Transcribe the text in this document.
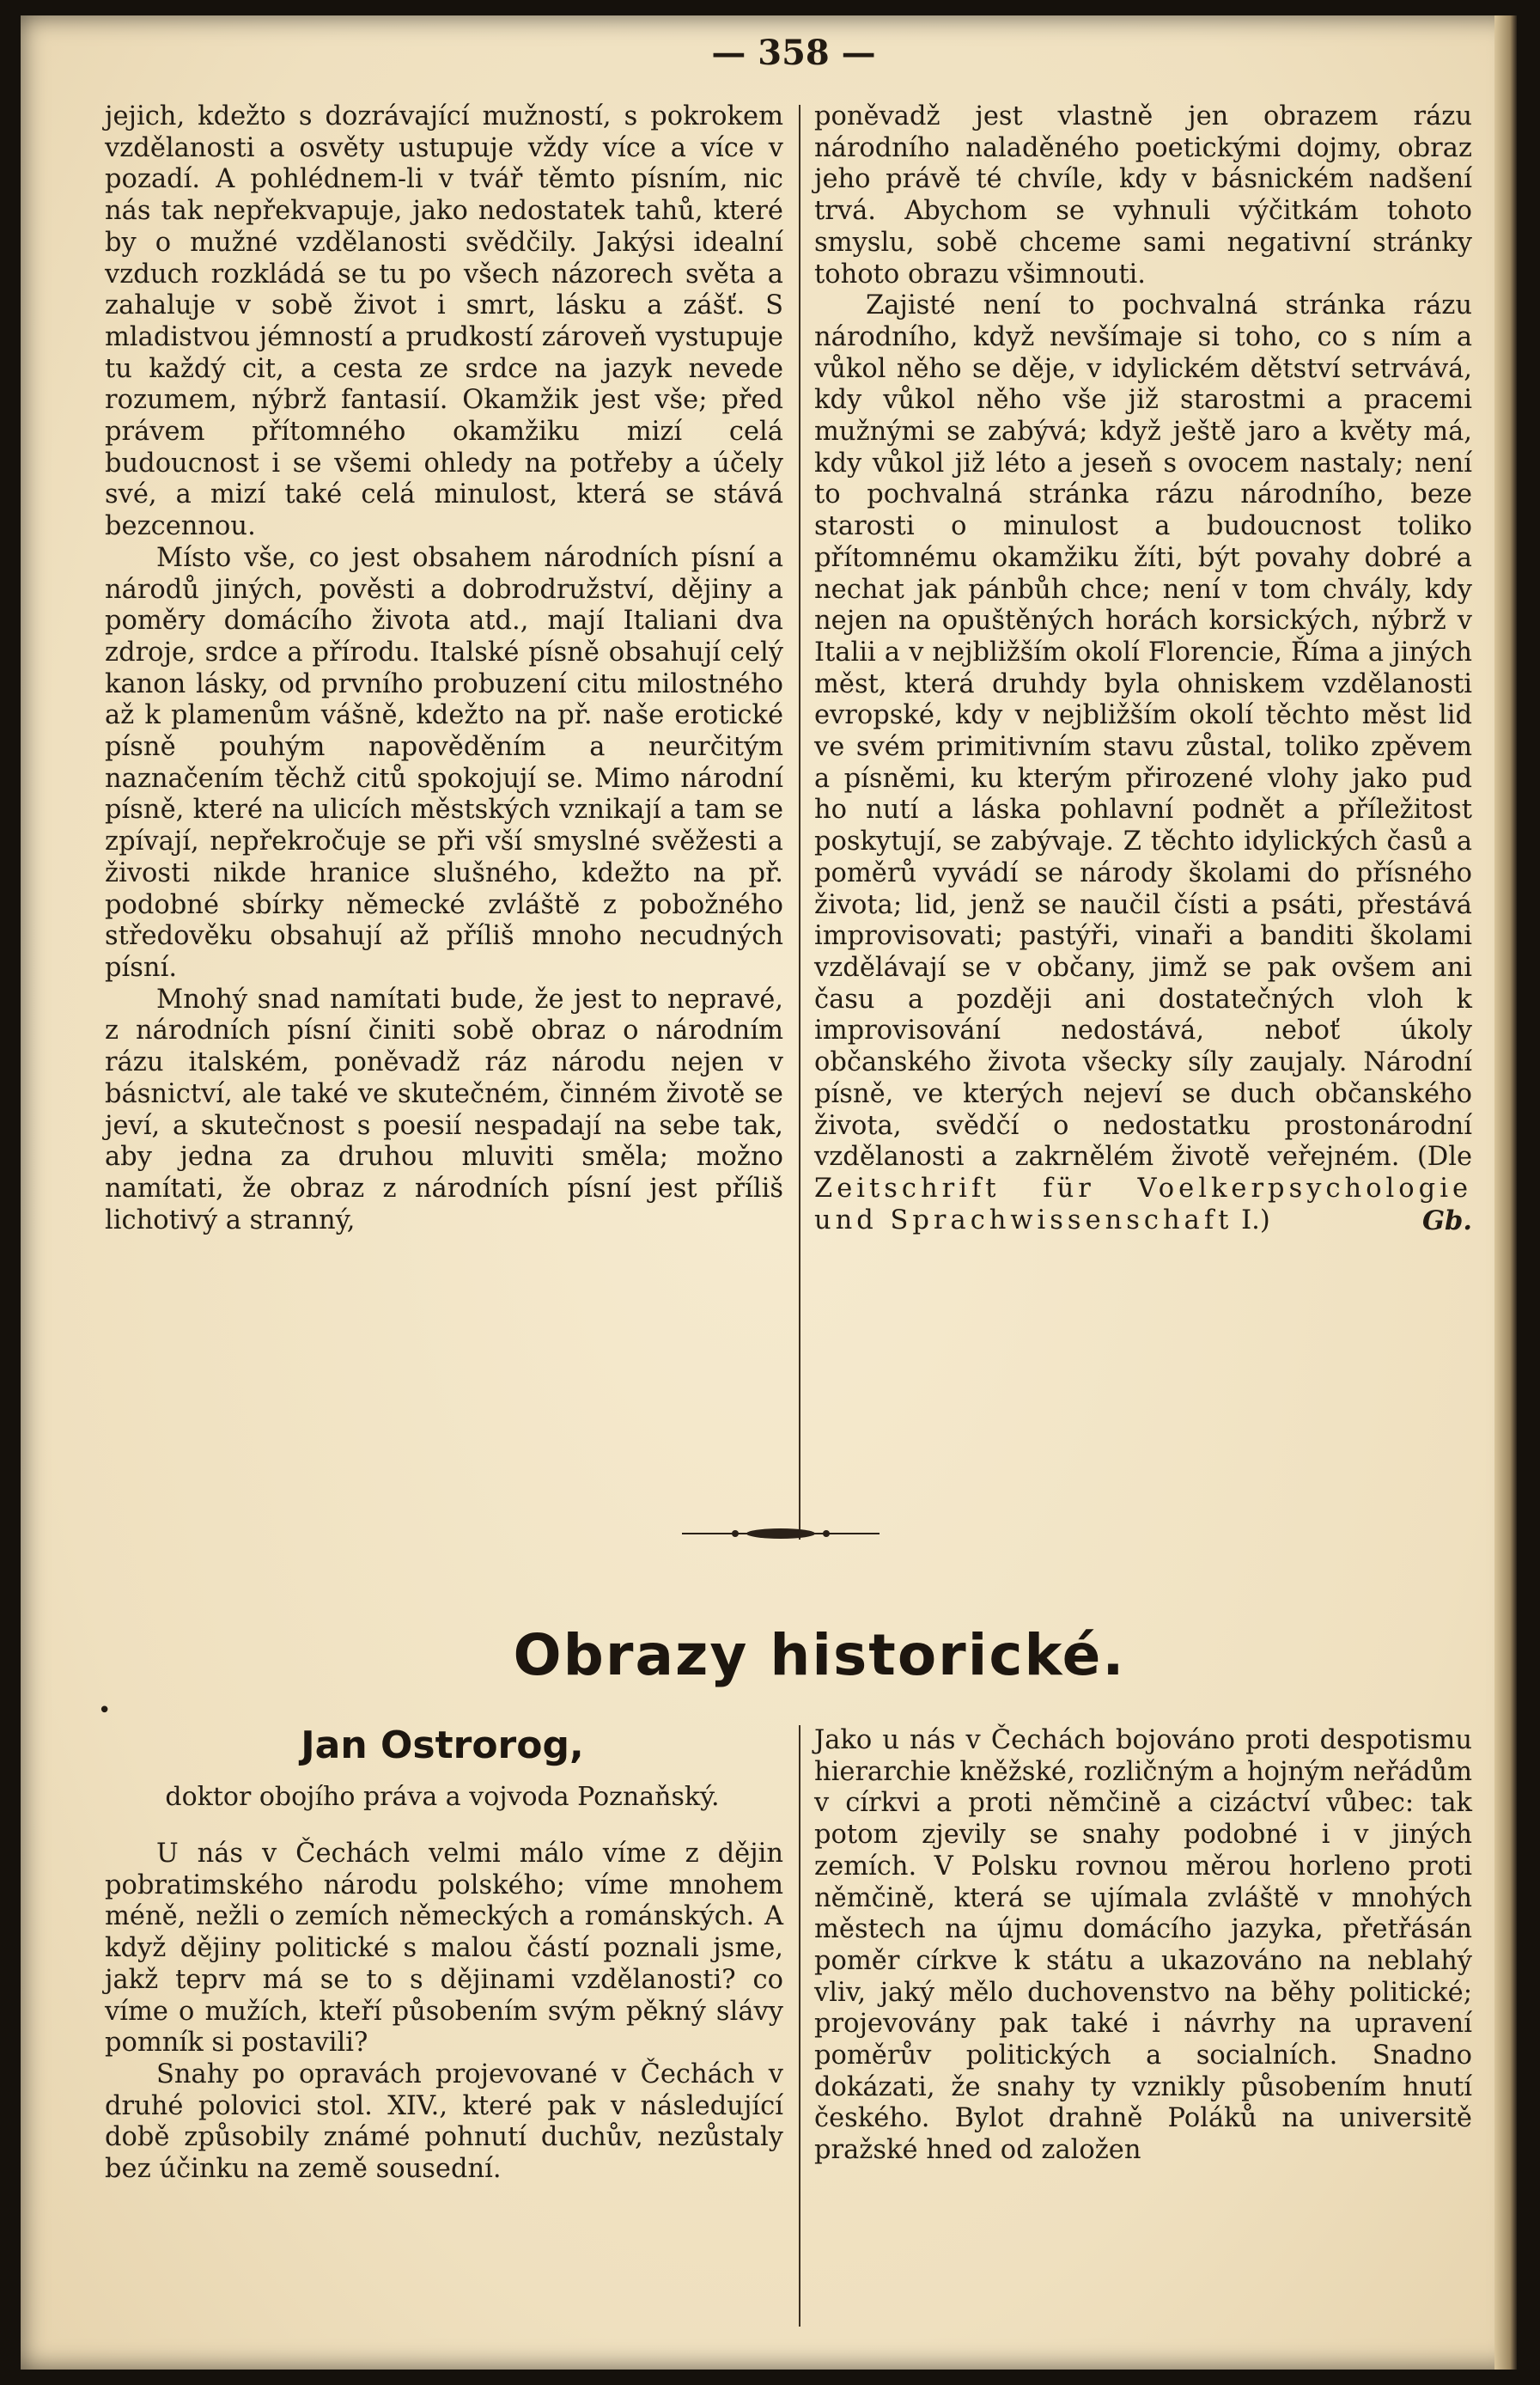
— 358 —

jejich, kdežto s dozrávající mužností, s pokrokem vzdělanosti a osvěty ustupuje vždy více a více v pozadí. A pohlédnem-li v tvář těmto písním, nic nás tak nepřekvapuje, jako nedostatek tahů, které by o mužné vzdělanosti svědčily. Jakýsi idealní vzduch rozkládá se tu po všech názorech světa a zahaluje v sobě život i smrt, lásku a zášť. S mladistvou jémností a prudkostí zároveň vystupuje tu každý cit, a cesta ze srdce na jazyk nevede rozumem, nýbrž fantasií. Okamžik jest vše; před právem přítomného okamžiku mizí celá budoucnost i se všemi ohledy na potřeby a účely své, a mizí také celá minulost, která se stává bezcennou.

Místo vše, co jest obsahem národních písní a národů jiných, pověsti a dobrodružství, dějiny a poměry domácího života atd., mají Italiani dva zdroje, srdce a přírodu. Italské písně obsahují celý kanon lásky, od prvního probuzení citu milostného až k plamenům vášně, kdežto na př. naše erotické písně pouhým napověděním a neurčitým naznačením těchž citů spokojují se. Mimo národní písně, které na ulicích městských vznikají a tam se zpívají, nepřekročuje se při vší smyslné svěžesti a živosti nikde hranice slušného, kdežto na př. podobné sbírky německé zvláště z pobožného středověku obsahují až příliš mnoho necudných písní.

Mnohý snad namítati bude, že jest to nepravé, z národních písní činiti sobě obraz o národním rázu italském, poněvadž ráz národu nejen v básnictví, ale také ve skutečném, činném životě se jeví, a skutečnost s poesií nespadají na sebe tak, aby jedna za druhou mluviti směla; možno namítati, že obraz z národních písní jest příliš lichotivý a stranný,

poněvadž jest vlastně jen obrazem rázu národního naladěného poetickými dojmy, obraz jeho právě té chvíle, kdy v básnickém nadšení trvá. Abychom se vyhnuli výčitkám tohoto smyslu, sobě chceme sami negativní stránky tohoto obrazu všimnouti.

Zajisté není to pochvalná stránka rázu národního, když nevšímaje si toho, co s ním a vůkol něho se děje, v idylickém dětství setrvává, kdy vůkol něho vše již starostmi a pracemi mužnými se zabývá; když ještě jaro a květy má, kdy vůkol již léto a jeseň s ovocem nastaly; není to pochvalná stránka rázu národního, beze starosti o minulost a budoucnost toliko přítomnému okamžiku žíti, být povahy dobré a nechat jak pánbůh chce; není v tom chvály, kdy nejen na opuštěných horách korsických, nýbrž v Italii a v nejbližším okolí Florencie, Říma a jiných měst, která druhdy byla ohniskem vzdělanosti evropské, kdy v nejbližším okolí těchto měst lid ve svém primitivním stavu zůstal, toliko zpěvem a písněmi, ku kterým přirozené vlohy jako pud ho nutí a láska pohlavní podnět a příležitost poskytují, se zabývaje. Z těchto idylických časů a poměrů vyvádí se národy školami do přísného života; lid, jenž se naučil čísti a psáti, přestává improvisovati; pastýři, vinaři a banditi školami vzdělávají se v občany, jimž se pak ovšem ani času a později ani dostatečných vloh k improvisování nedostává, neboť úkoly občanského života všecky síly zaujaly. Národní písně, ve kterých nejeví se duch občanského života, svědčí o nedostatku prostonárodní vzdělanosti a zakrnělém životě veřejném. (Dle Zeitschrift für Voelkerpsychologie und Sprachwissenschaft I.)	Gb.

Obrazy historické.
•
Jan Ostrorog,
doktor obojího práva a vojvoda Poznaňský.

U nás v Čechách velmi málo víme z dějin pobratimského národu polského; víme mnohem méně, nežli o zemích německých a románských. A když dějiny politické s malou částí poznali jsme, jakž teprv má se to s dějinami vzdělanosti? co víme o mužích, kteří působením svým pěkný slávy pomník si postavili?

Snahy po opravách projevované v Čechách v druhé polovici stol. XIV., které pak v následující době způsobily známé pohnutí duchův, nezůstaly bez účinku na země sousední.

Jako u nás v Čechách bojováno proti despotismu hierarchie kněžské, rozličným a hojným neřádům v církvi a proti němčině a cizáctví vůbec: tak potom zjevily se snahy podobné i v jiných zemích. V Polsku rovnou měrou horleno proti němčině, která se ujímala zvláště v mnohých městech na újmu domácího jazyka, přetřásán poměr církve k státu a ukazováno na neblahý vliv, jaký mělo duchovenstvo na běhy politické; projevovány pak také i návrhy na upravení poměrův politických a socialních. Snadno dokázati, že snahy ty vznikly působením hnutí českého. Bylot drahně Poláků na universitě pražské hned od založen
